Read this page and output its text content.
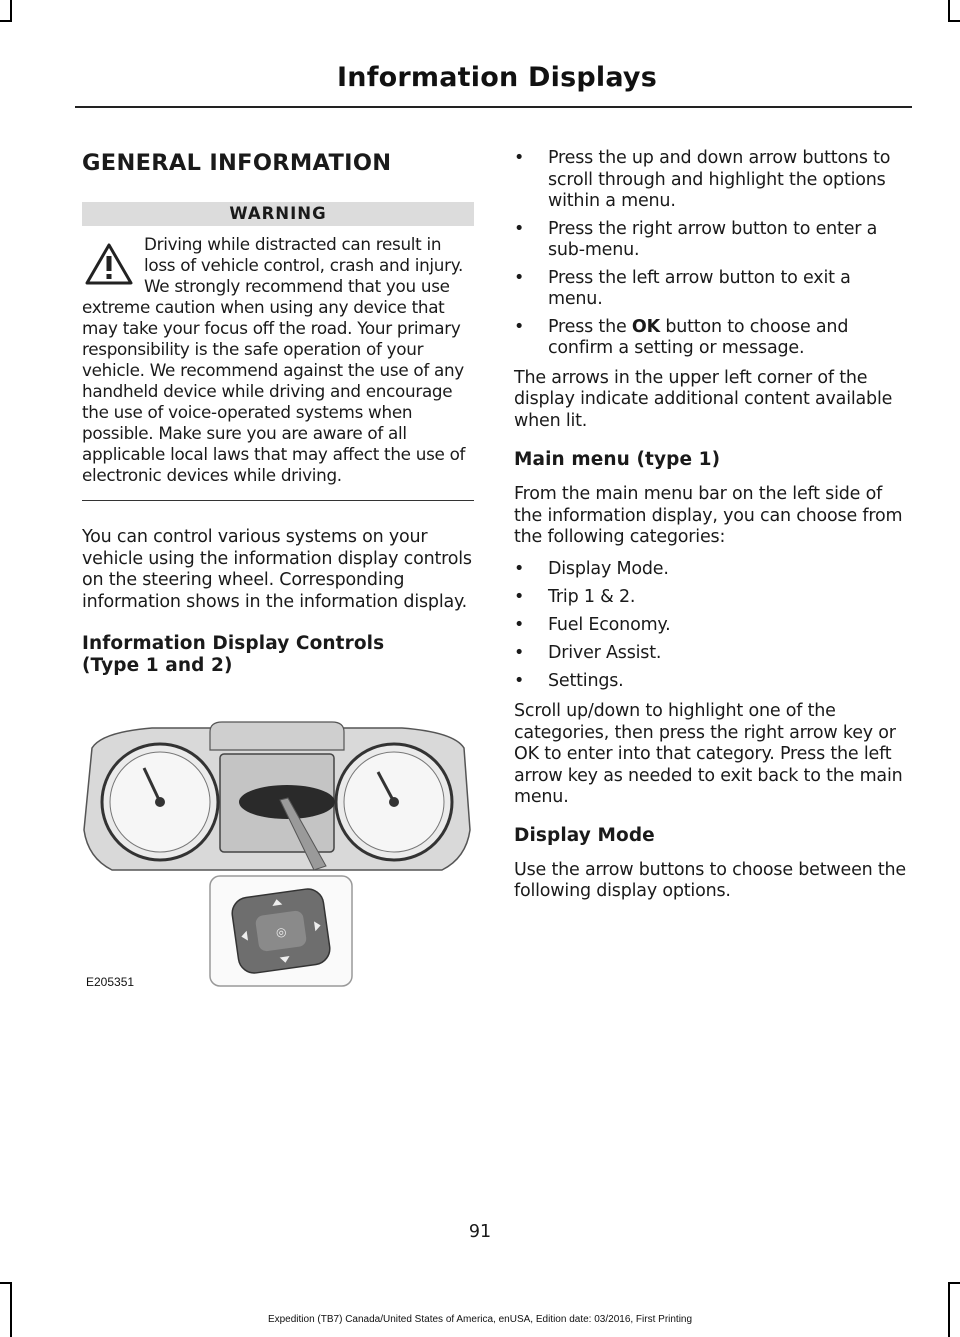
Information Displays
GENERAL INFORMATION
WARNING
Driving while distracted can result in loss of vehicle control, crash and injury. We strongly recommend that you use extreme caution when using any device that may take your focus off the road. Your primary responsibility is the safe operation of your vehicle. We recommend against the use of any handheld device while driving and encourage the use of voice-operated systems when possible. Make sure you are aware of all applicable local laws that may affect the use of electronic devices while driving.

You can control various systems on your vehicle using the information display controls on the steering wheel. Corresponding information shows in the information display.

Information Display Controls (Type 1 and 2)
◎
E205351
• Press the up and down arrow buttons to scroll through and highlight the options within a menu.
• Press the right arrow button to enter a sub-menu.
• Press the left arrow button to exit a menu.
• Press the OK button to choose and confirm a setting or message.

The arrows in the upper left corner of the display indicate additional content available when lit.

Main menu (type 1)

From the main menu bar on the left side of the information display, you can choose from the following categories:

• Display Mode.
• Trip 1 & 2.
• Fuel Economy.
• Driver Assist.
• Settings.

Scroll up/down to highlight one of the categories, then press the right arrow key or OK to enter into that category. Press the left arrow key as needed to exit back to the main menu.

Display Mode

Use the arrow buttons to choose between the following display options.

91
Expedition (TB7) Canada/United States of America, enUSA, Edition date: 03/2016, First Printing
